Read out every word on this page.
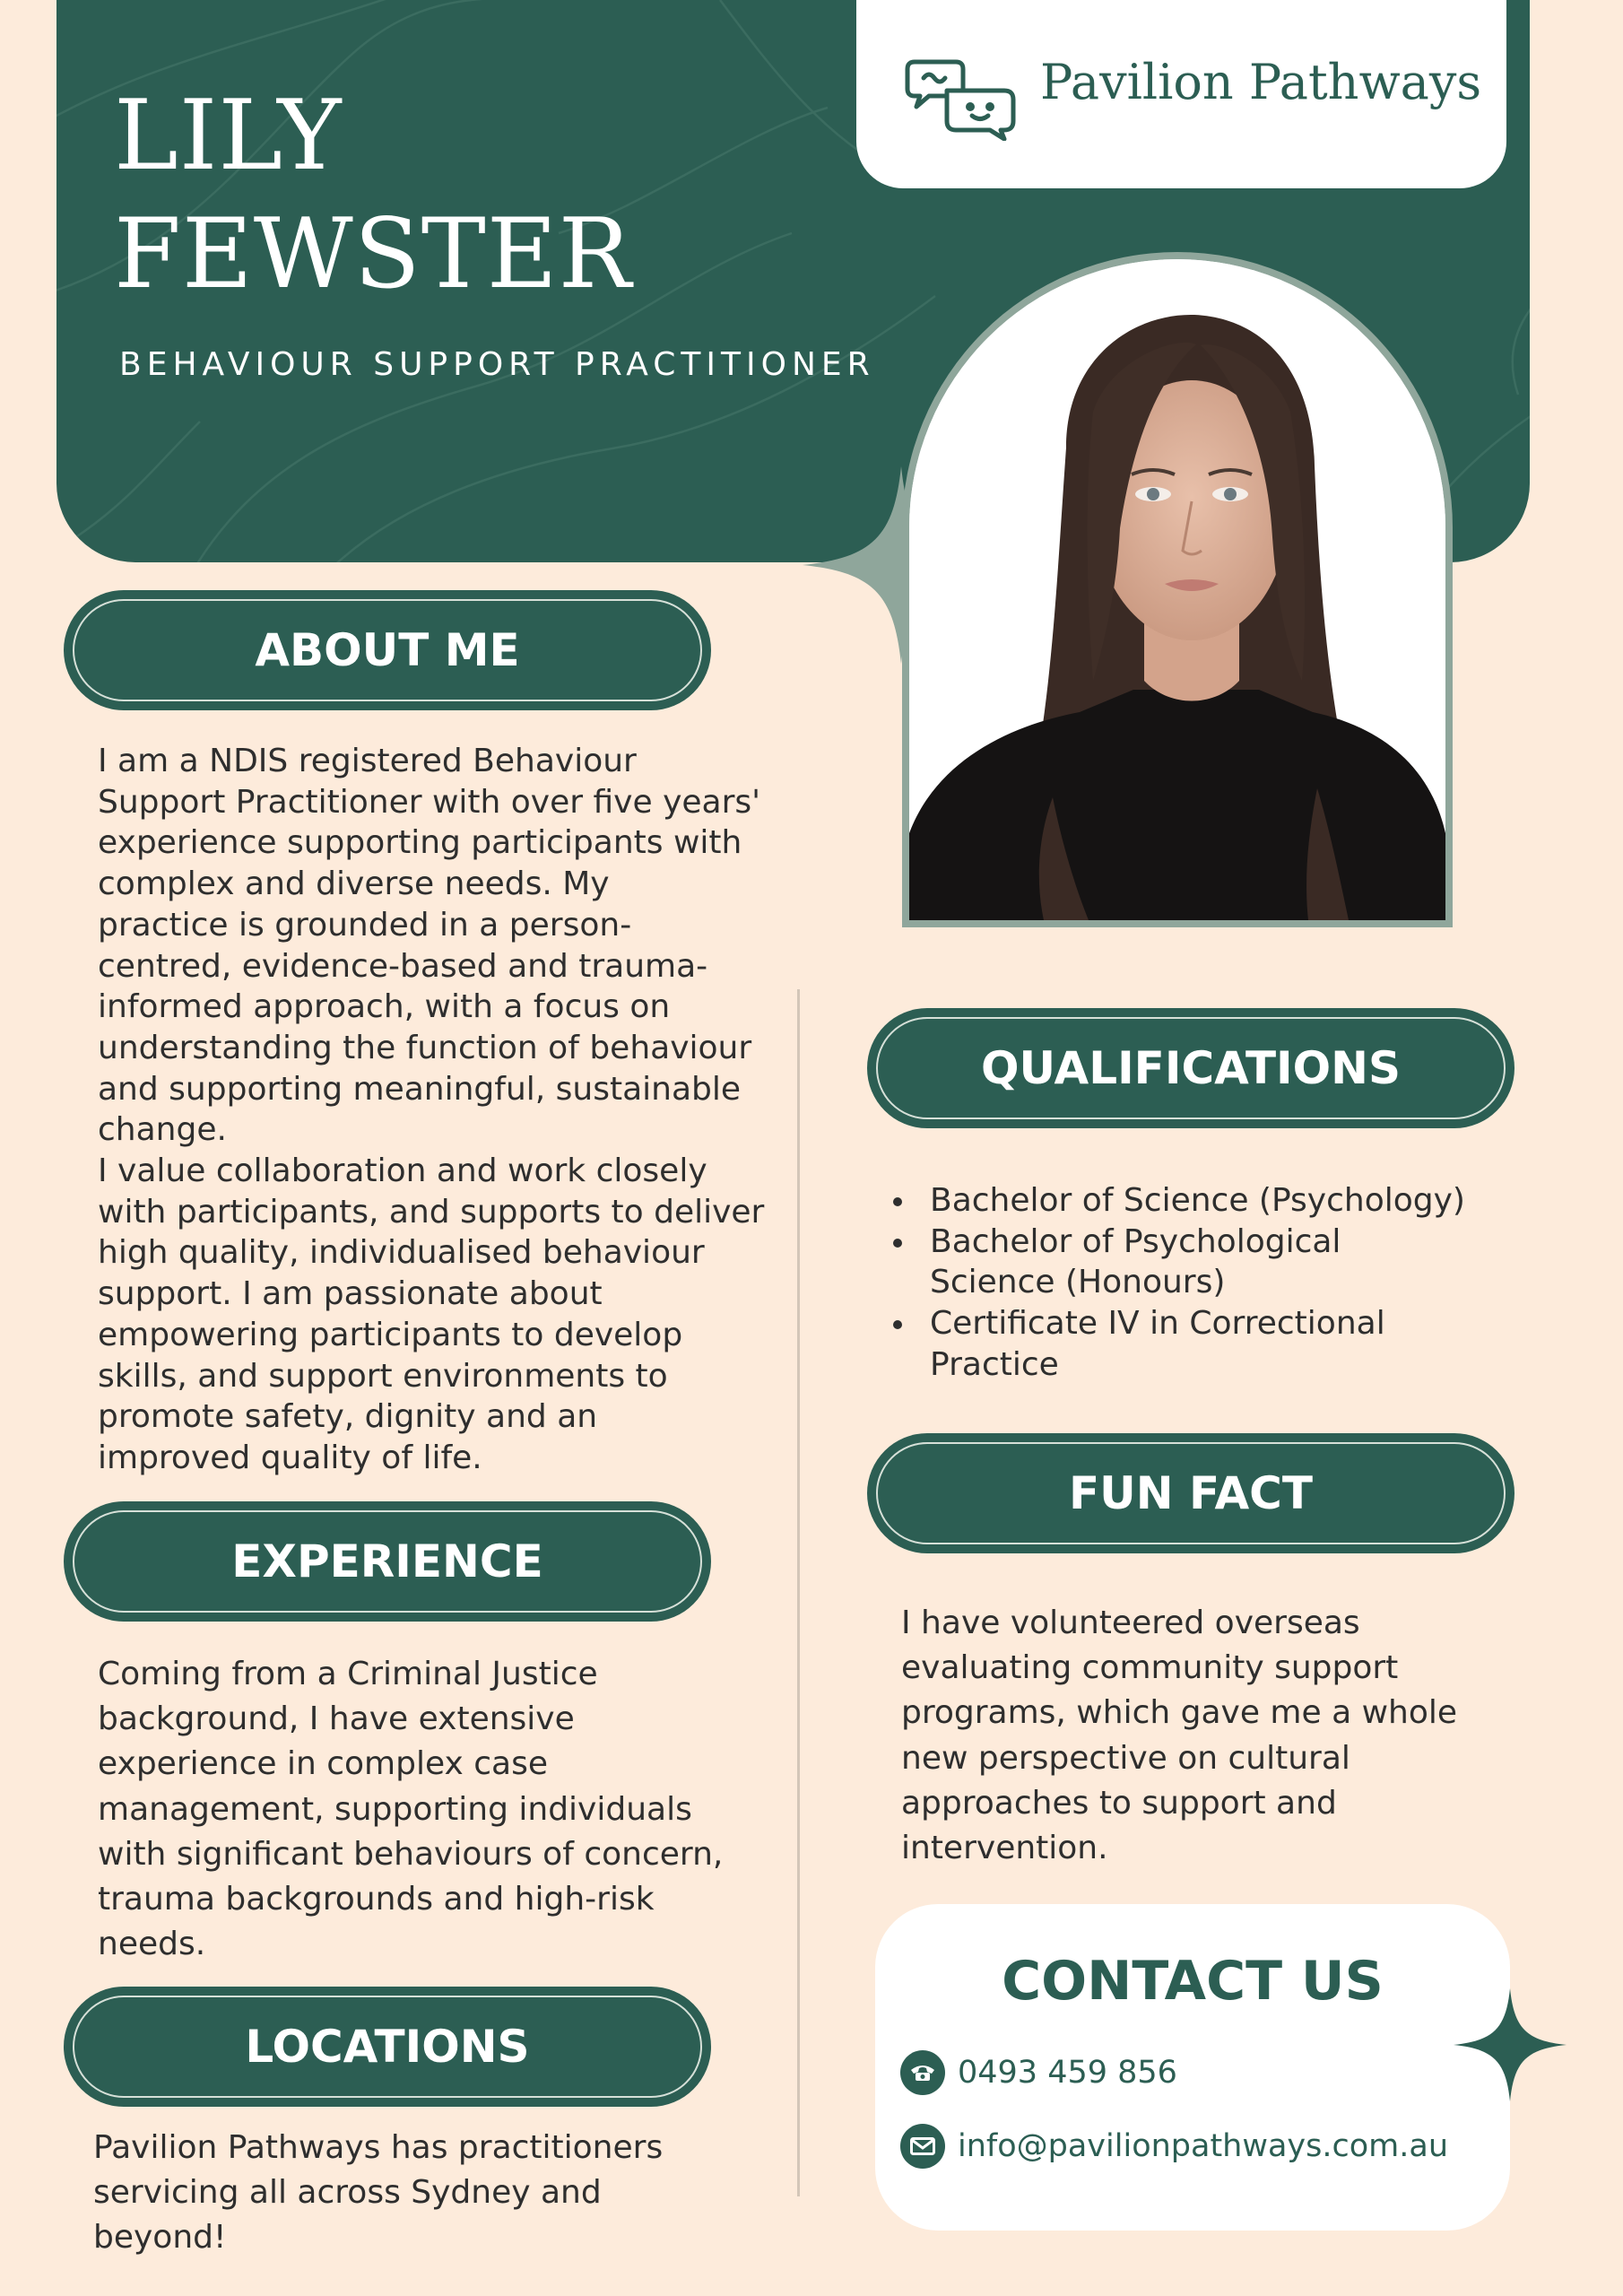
LILY
FEWSTER
BEHAVIOUR SUPPORT PRACTITIONER
Pavilion Pathways
ABOUT ME

I am a NDIS registered Behaviour
Support Practitioner with over five years'
experience supporting participants with
complex and diverse needs. My
practice is grounded in a person-
centred, evidence-based and trauma-
informed approach, with a focus on
understanding the function of behaviour
and supporting meaningful, sustainable
change.
I value collaboration and work closely
with participants, and supports to deliver
high quality, individualised behaviour
support. I am passionate about
empowering participants to develop
skills, and support environments to
promote safety, dignity and an
improved quality of life.

EXPERIENCE

Coming from a Criminal Justice
background, I have extensive
experience in complex case
management, supporting individuals
with significant behaviours of concern,
trauma backgrounds and high-risk
needs.

LOCATIONS

Pavilion Pathways has practitioners
servicing all across Sydney and
beyond!

QUALIFICATIONS
Bachelor of Science (Psychology)
Bachelor of Psychological
Science (Honours)
Certificate IV in Correctional
Practice
FUN FACT

I have volunteered overseas
evaluating community support
programs, which gave me a whole
new perspective on cultural
approaches to support and
intervention.

CONTACT US
0493 459 856
info@pavilionpathways.com.au
